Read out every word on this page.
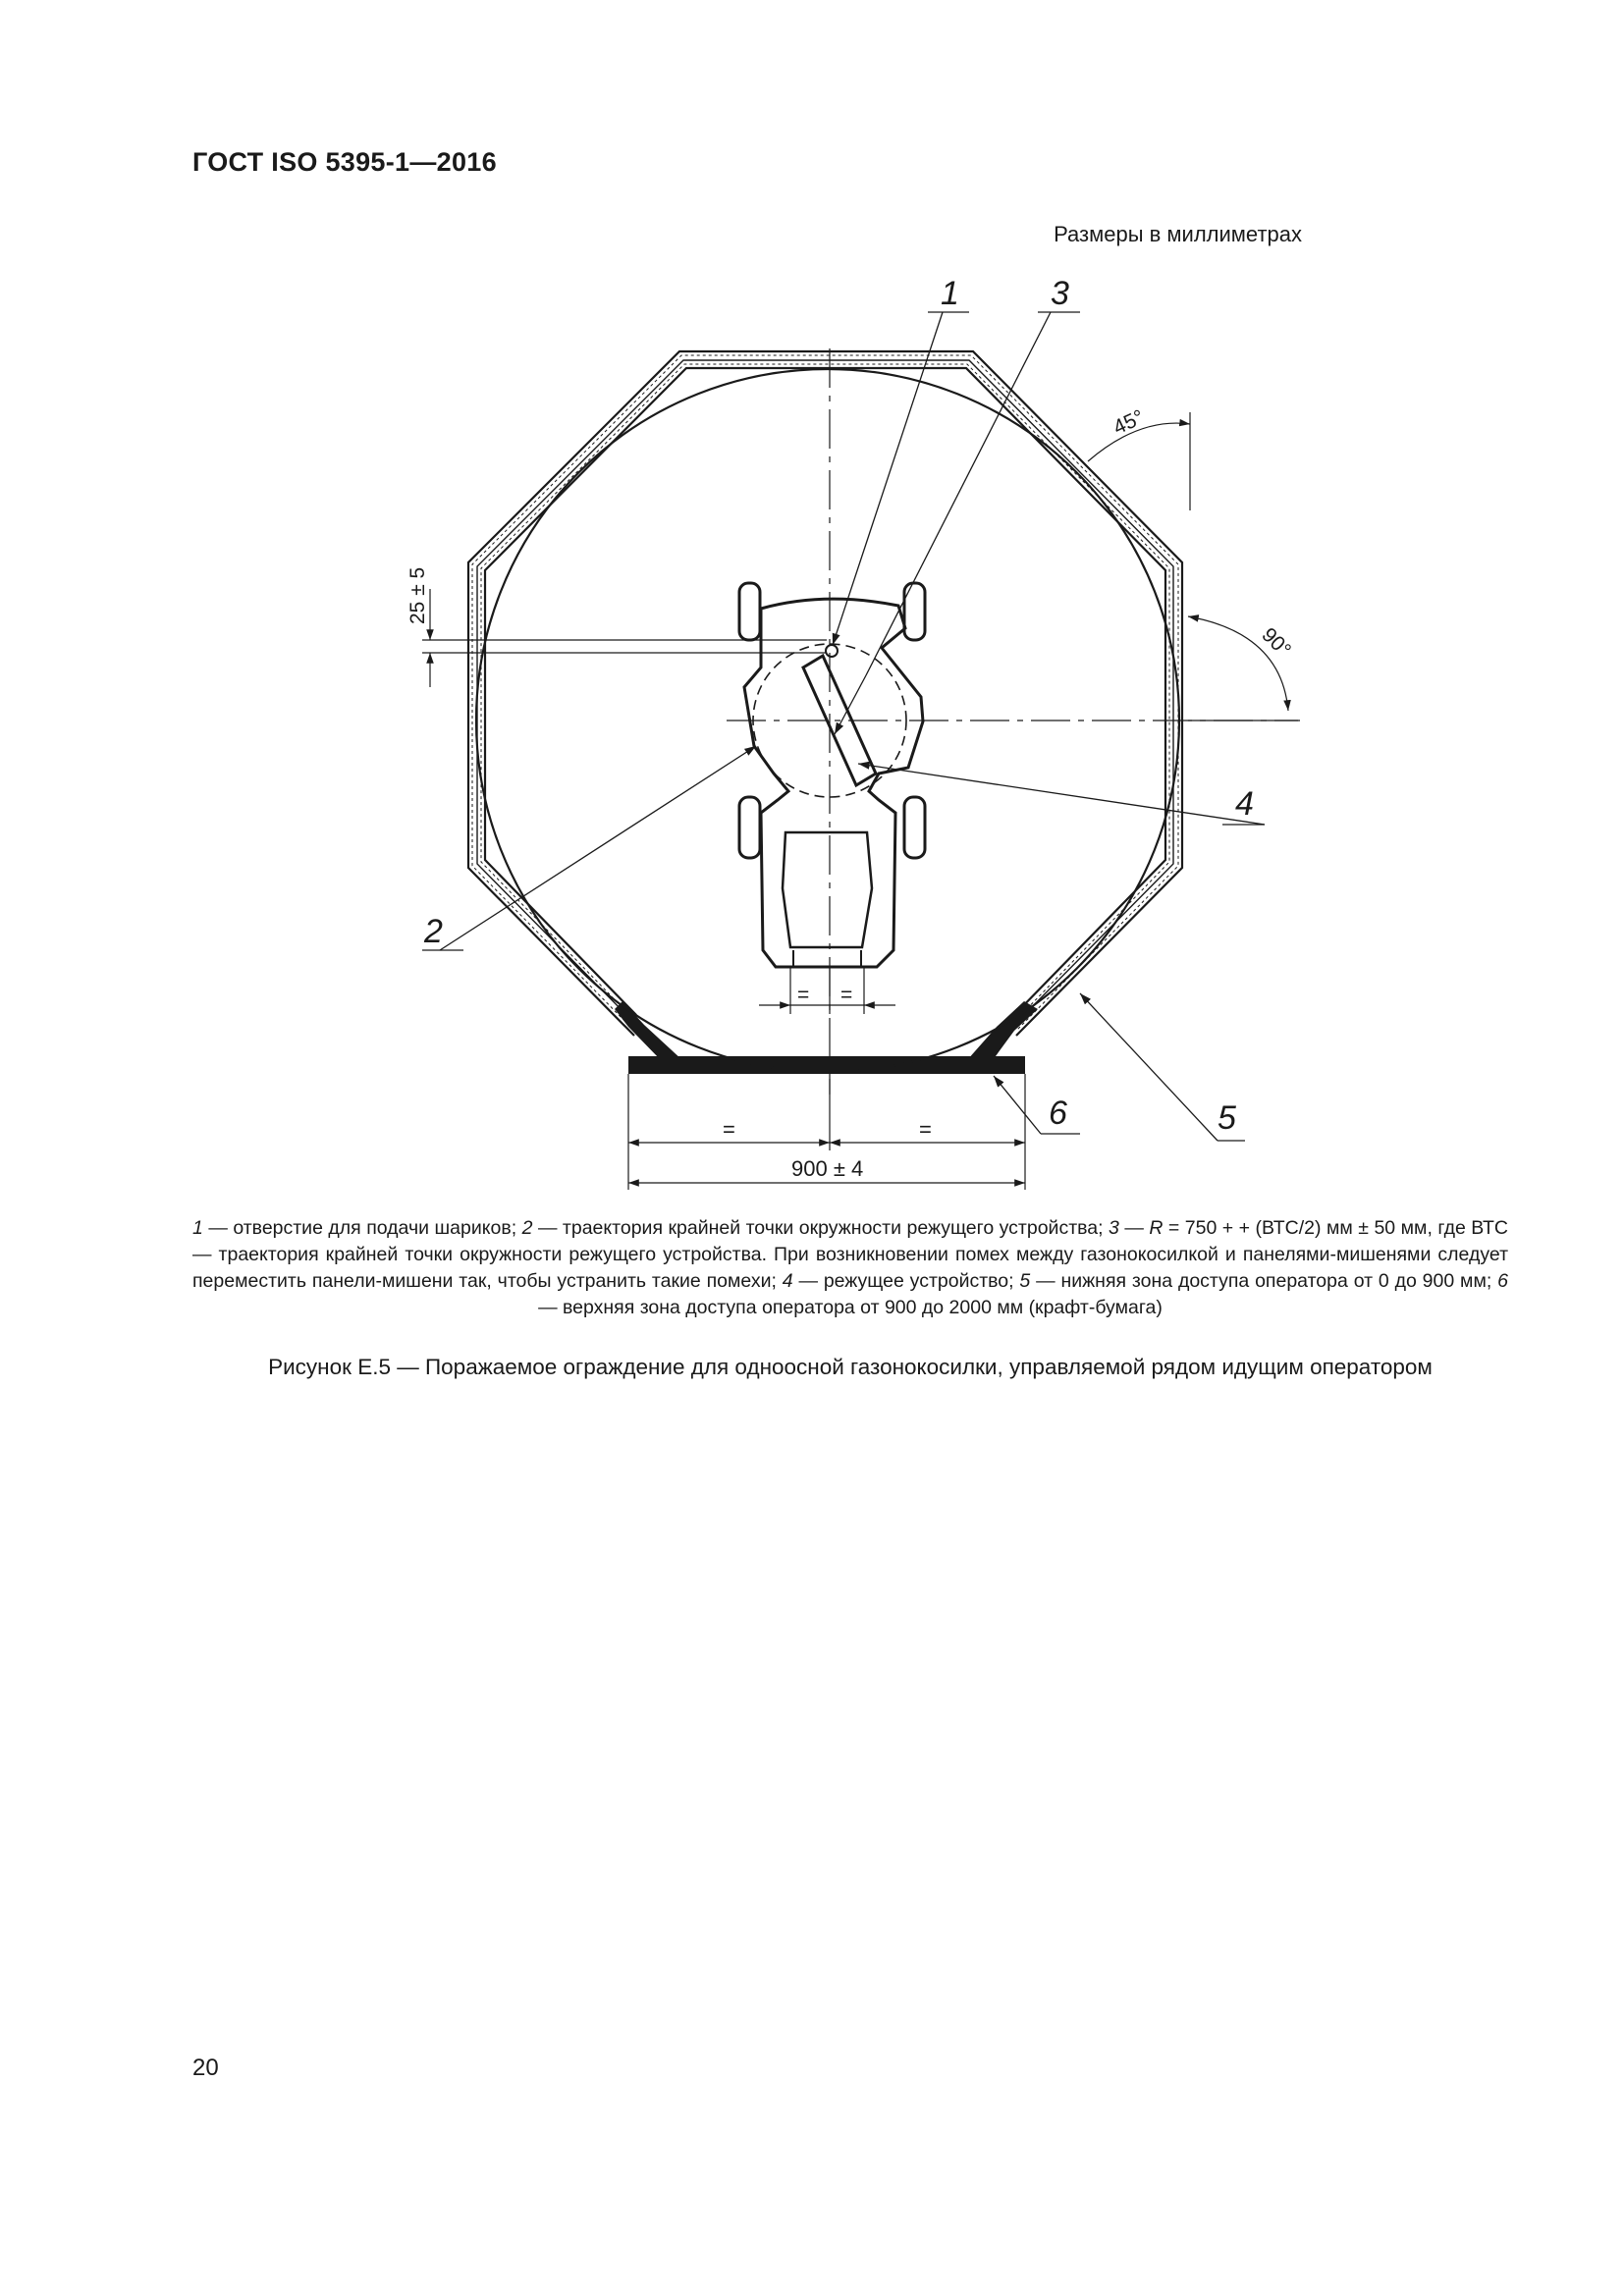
ГОСТ ISO 5395-1—2016
Размеры в миллиметрах
25 ± 5
= =
=	=
900 ± 4
45°
90°
1	3
4
2
5
6
1 — отверстие для подачи шариков; 2 — траектория крайней точки окружности режущего устройства; 3 — R = 750 + + (ВТС/2) мм ± 50 мм, где ВТС — траектория крайней точки окружности режущего устройства. При возникновении помех между газонокосилкой и панелями-мишенями следует переместить панели-мишени так, чтобы устранить такие помехи; 4 — режущее устройство; 5 — нижняя зона доступа оператора от 0 до 900 мм; 6 — верхняя зона доступа оператора от 900 до 2000 мм (крафт-бумага)
Рисунок Е.5 — Поражаемое ограждение для одноосной газонокосилки, управляемой рядом идущим оператором
20
